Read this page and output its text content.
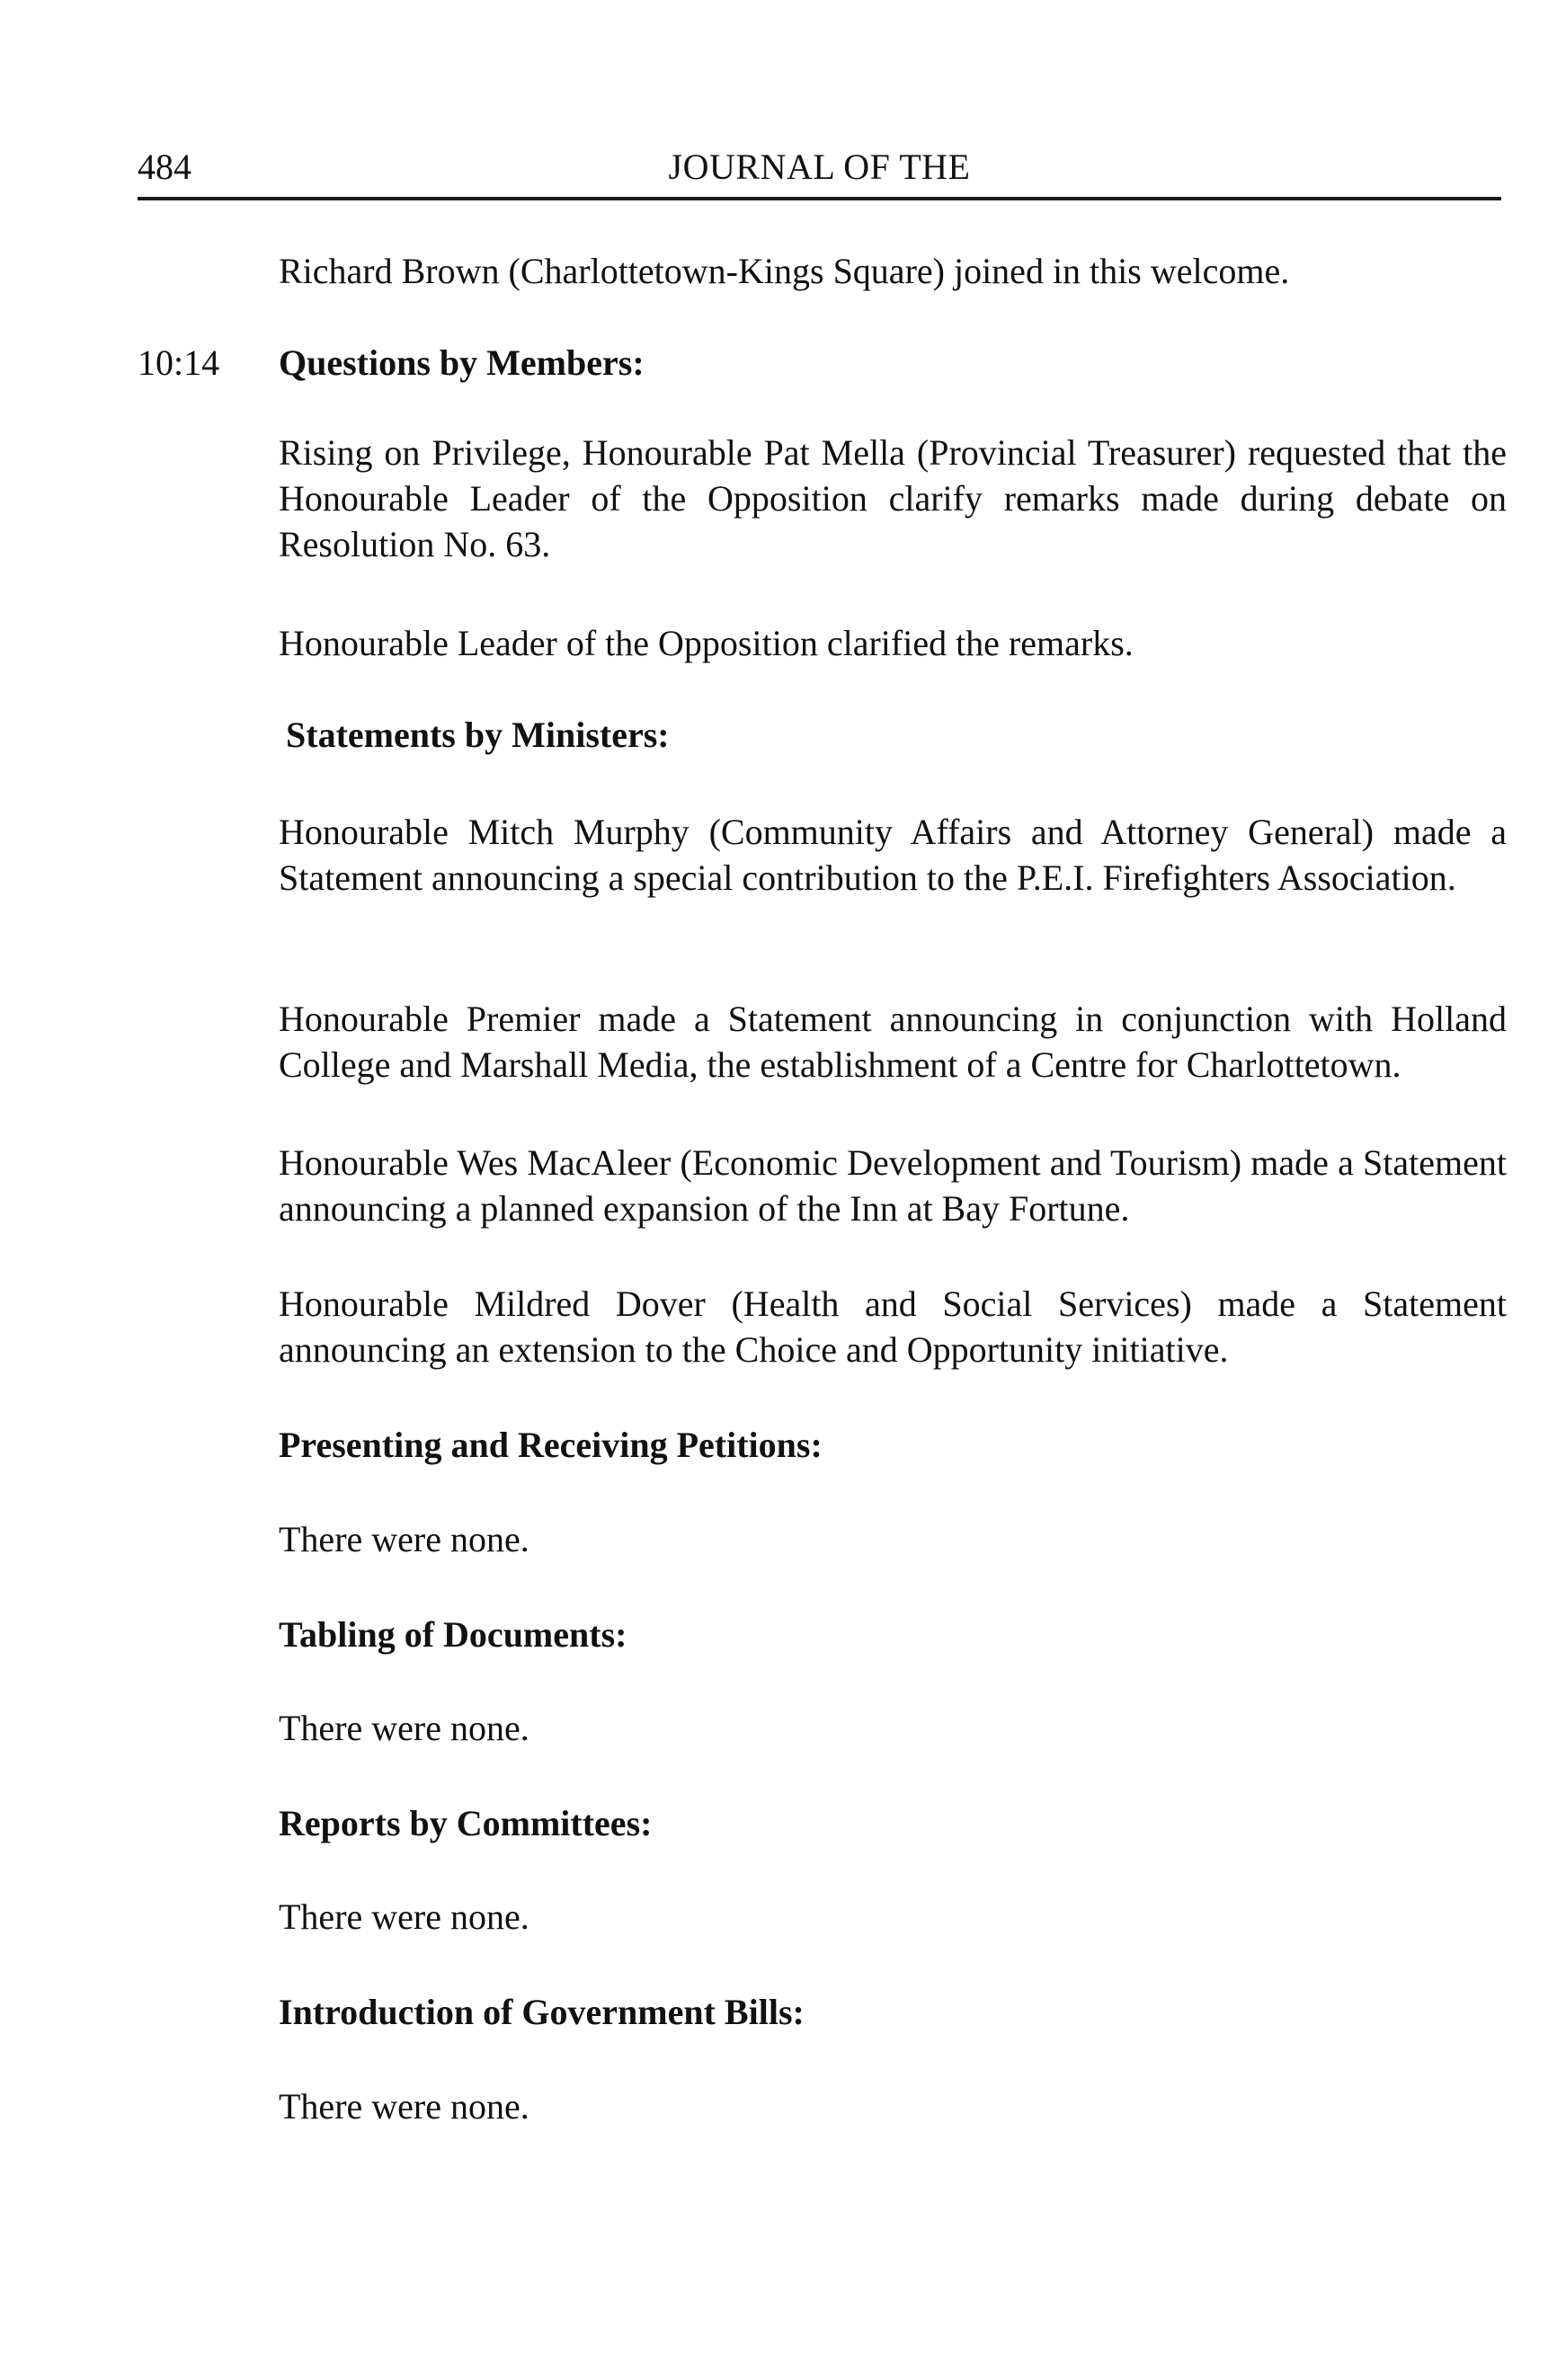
484	JOURNAL OF THE

Richard Brown (Charlottetown-Kings Square) joined in this welcome.

10:14 Questions by Members:

Rising on Privilege, Honourable Pat Mella (Provincial Treasurer) requested that the Honourable Leader of the Opposition clarify remarks made during debate on Resolution No. 63.

Honourable Leader of the Opposition clarified the remarks.

Statements by Ministers:

Honourable Mitch Murphy (Community Affairs and Attorney General) made a Statement announcing a special contribution to the P.E.I. Firefighters Association.

Honourable Premier made a Statement announcing in conjunction with Holland College and Marshall Media, the establishment of a Centre for Charlottetown.

Honourable Wes MacAleer (Economic Development and Tourism) made a Statement announcing a planned expansion of the Inn at Bay Fortune.

Honourable Mildred Dover (Health and Social Services) made a Statement announcing an extension to the Choice and Opportunity initiative.

Presenting and Receiving Petitions:

There were none.

Tabling of Documents:

There were none.

Reports by Committees:

There were none.

Introduction of Government Bills:

There were none.
